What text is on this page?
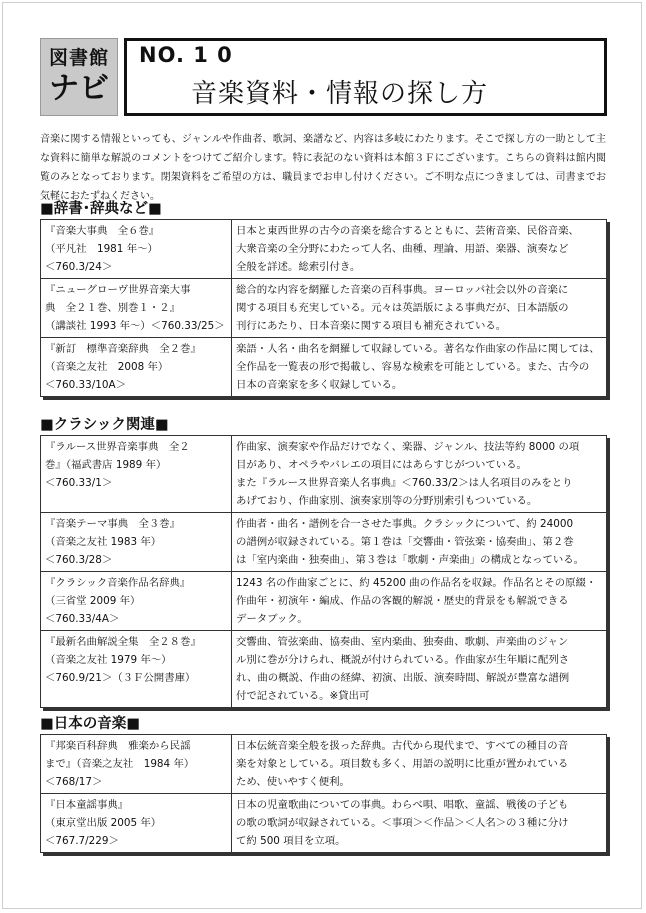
図書館
ナビ
NO. 1 0
音楽資料・情報の探し方
音楽に関する情報といっても、ジャンルや作曲者、歌詞、楽譜など、内容は多岐にわたります。そこで探し方の一助として主な資料に簡単な解説のコメントをつけてご紹介します。特に表記のない資料は本館３Ｆにございます。こちらの資料は館内閲覧のみとなっております。閉架資料をご希望の方は、職員までお申し付けください。ご不明な点につきましては、司書までお気軽におたずねください。
■辞書･辞典など■
『音楽大事典　全６巻』
（平凡社　1981 年～）
＜760.3/24＞	日本と東西世界の古今の音楽を総合するとともに、芸術音楽、民俗音楽、
大衆音楽の全分野にわたって人名、曲種、理論、用語、楽器、演奏など
全般を詳述。総索引付き。

『ニューグローヴ世界音楽大事
典　全２１巻、別巻１・２』
（講談社 1993 年～）＜760.33/25＞	総合的な内容を網羅した音楽の百科事典。ヨーロッパ社会以外の音楽に
関する項目も充実している。元々は英語版による事典だが、日本語版の
刊行にあたり、日本音楽に関する項目も補充されている。

『新訂　標準音楽辞典　全２巻』
（音楽之友社　2008 年）
＜760.33/10A＞	楽語・人名・曲名を網羅して収録している。著名な作曲家の作品に関しては、
全作品を一覧表の形で掲載し、容易な検索を可能としている。また、古今の
日本の音楽家を多く収録している。
■クラシック関連■
『ラルース世界音楽事典　全２
巻』（福武書店 1989 年）
＜760.33/1＞	作曲家、演奏家や作品だけでなく、楽器、ジャンル、技法等約 8000 の項
目があり、オペラやバレエの項目にはあらすじがついている。
また『ラルース世界音楽人名事典』＜760.33/2＞は人名項目のみをとり
あげており、作曲家別、演奏家別等の分野別索引もついている。

『音楽テーマ事典　全３巻』
（音楽之友社 1983 年）
＜760.3/28＞	作曲者・曲名・譜例を合一させた事典。クラシックについて、約 24000
の譜例が収録されている。第１巻は「交響曲・管弦楽・協奏曲」、第２巻
は「室内楽曲・独奏曲」、第３巻は「歌劇・声楽曲」の構成となっている。

『クラシック音楽作品名辞典』
（三省堂 2009 年）
＜760.33/4A＞	1243 名の作曲家ごとに、約 45200 曲の作品名を収録。作品名とその原綴・
作曲年・初演年・編成、作品の客観的解説・歴史的背景をも解説できる
データブック。

『最新名曲解説全集　全２８巻』
（音楽之友社 1979 年～）
＜760.9/21＞（３Ｆ公開書庫）	交響曲、管弦楽曲、協奏曲、室内楽曲、独奏曲、歌劇、声楽曲のジャン
ル別に巻が分けられ、概説が付けられている。作曲家が生年順に配列さ
れ、曲の概説、作曲の経緯、初演、出版、演奏時間、解説が豊富な譜例
付で記されている。※貸出可
■日本の音楽■
『邦楽百科辞典　雅楽から民謡
まで』（音楽之友社　1984 年）
＜768/17＞	日本伝統音楽全般を扱った辞典。古代から現代まで、すべての種目の音
楽を対象としている。項目数も多く、用語の説明に比重が置かれている
ため、使いやすく便利。

『日本童謡事典』
（東京堂出版 2005 年）
＜767.7/229＞	日本の児童歌曲についての事典。わらべ唄、唱歌、童謡、戦後の子ども
の歌の歌詞が収録されている。＜事項＞＜作品＞＜人名＞の３種に分け
て約 500 項目を立項。
